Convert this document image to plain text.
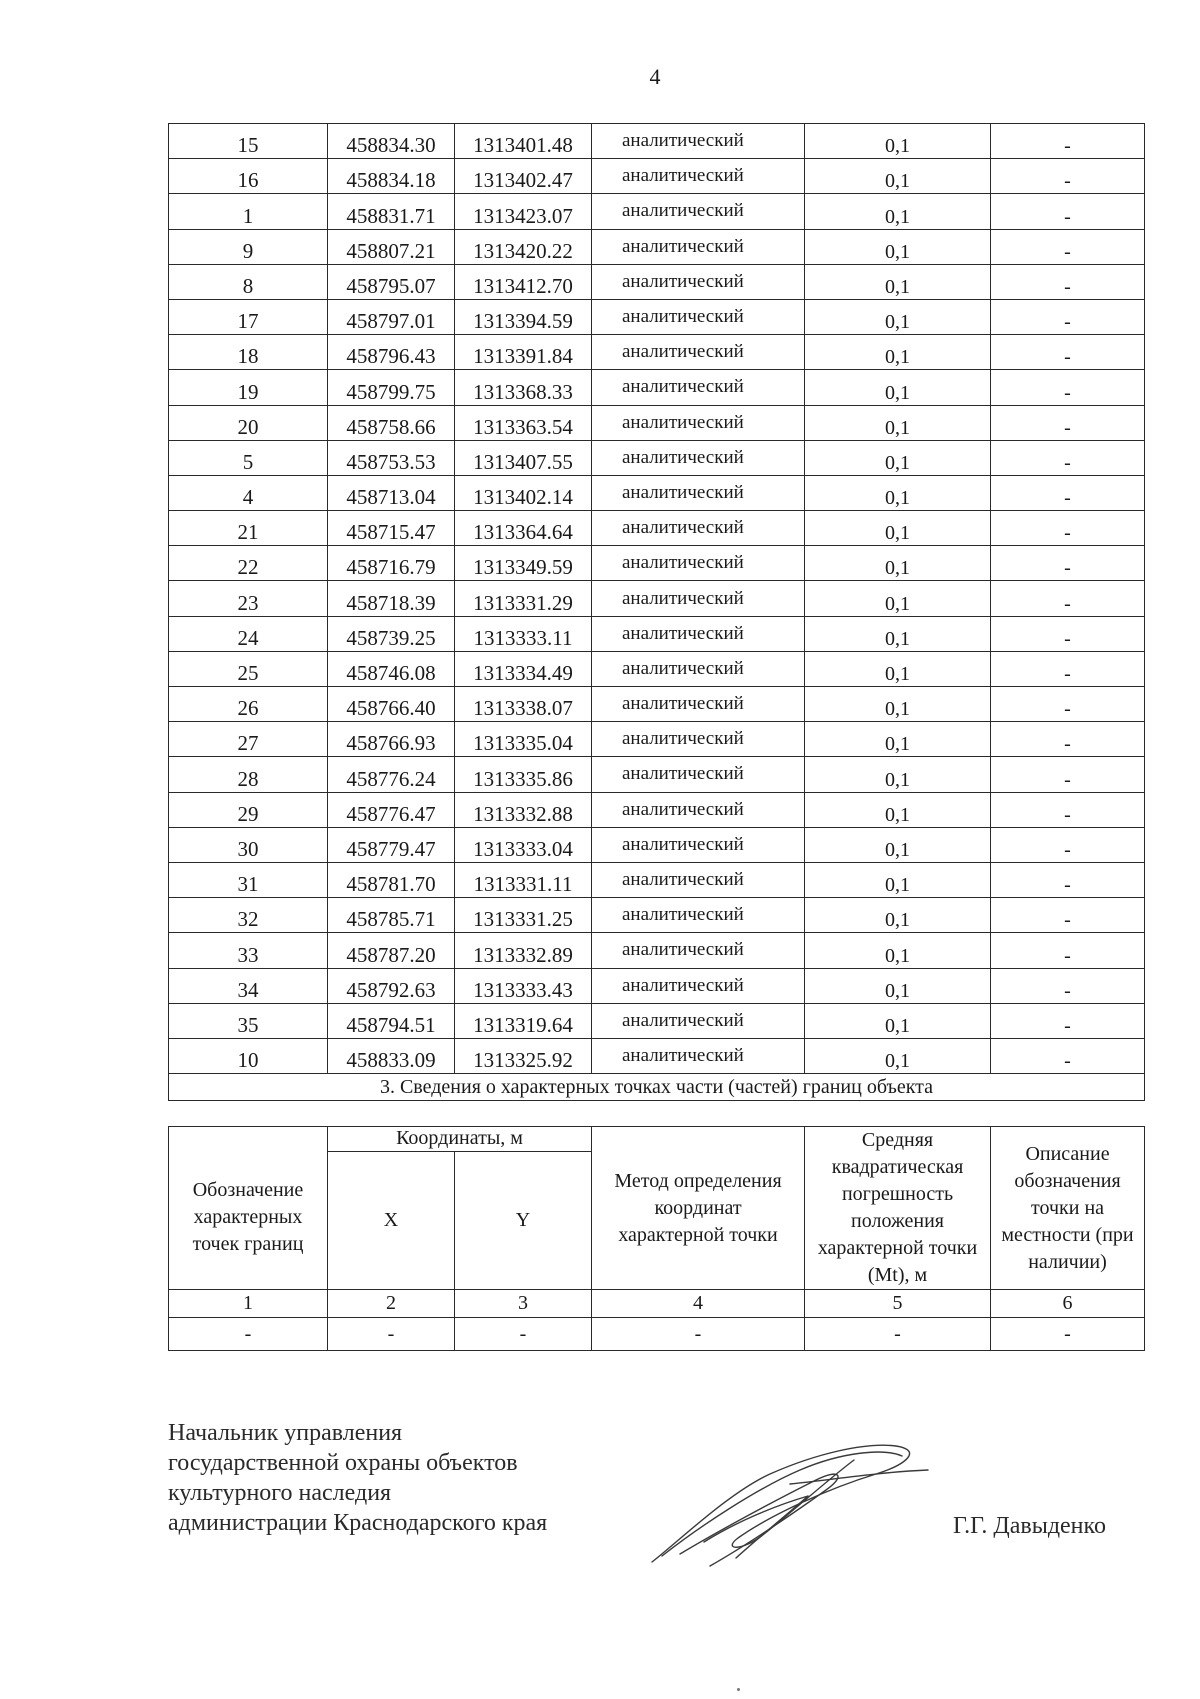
4
15	458834.30	1313401.48	аналитический	0,1	-
16	458834.18	1313402.47	аналитический	0,1	-
1	458831.71	1313423.07	аналитический	0,1	-
9	458807.21	1313420.22	аналитический	0,1	-
8	458795.07	1313412.70	аналитический	0,1	-
17	458797.01	1313394.59	аналитический	0,1	-
18	458796.43	1313391.84	аналитический	0,1	-
19	458799.75	1313368.33	аналитический	0,1	-
20	458758.66	1313363.54	аналитический	0,1	-
5	458753.53	1313407.55	аналитический	0,1	-
4	458713.04	1313402.14	аналитический	0,1	-
21	458715.47	1313364.64	аналитический	0,1	-
22	458716.79	1313349.59	аналитический	0,1	-
23	458718.39	1313331.29	аналитический	0,1	-
24	458739.25	1313333.11	аналитический	0,1	-
25	458746.08	1313334.49	аналитический	0,1	-
26	458766.40	1313338.07	аналитический	0,1	-
27	458766.93	1313335.04	аналитический	0,1	-
28	458776.24	1313335.86	аналитический	0,1	-
29	458776.47	1313332.88	аналитический	0,1	-
30	458779.47	1313333.04	аналитический	0,1	-
31	458781.70	1313331.11	аналитический	0,1	-
32	458785.71	1313331.25	аналитический	0,1	-
33	458787.20	1313332.89	аналитический	0,1	-
34	458792.63	1313333.43	аналитический	0,1	-
35	458794.51	1313319.64	аналитический	0,1	-
10	458833.09	1313325.92	аналитический	0,1	-
3. Сведения о характерных точках части (частей) границ объекта					
Обозначение характерных точек границ	Координаты, м		Метод определения координат характерной точки	Средняя квадратическая погрешность положения характерной точки (Mt), м	Описание обозначения точки на местности (при наличии)
	X	Y			
1	2	3	4	5	6
-	-	-	-	-	-
Начальник управления
государственной охраны объектов
культурного наследия
администрации Краснодарского края	Г.Г. Давыденко
